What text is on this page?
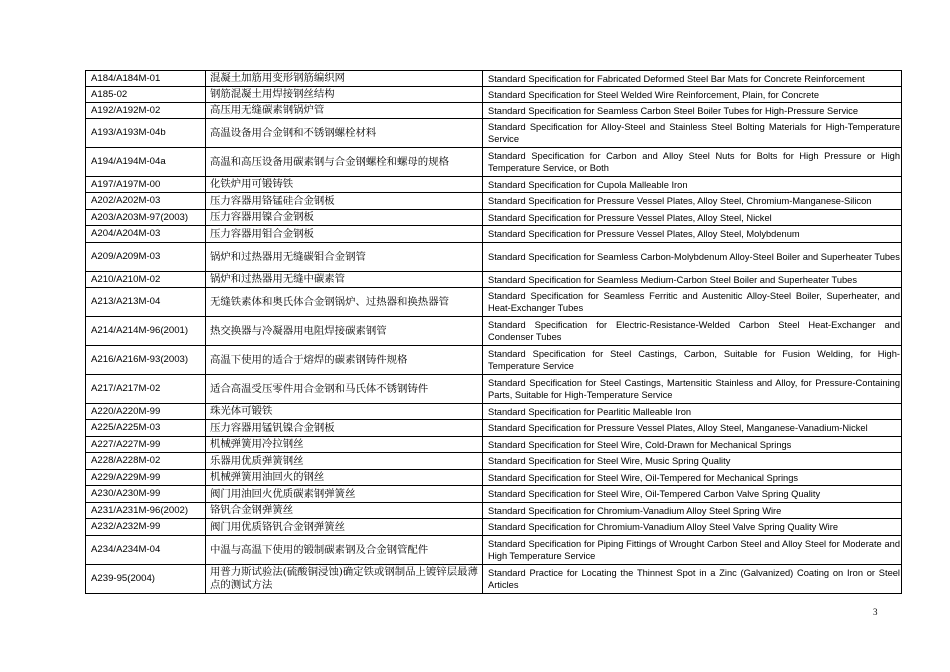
A184/A184M-01	混凝土加筋用变形钢筋编织网	Standard Specification for Fabricated Deformed Steel Bar Mats for Concrete Reinforcement
A185-02	钢筋混凝土用焊接钢丝结构	Standard Specification for Steel Welded Wire Reinforcement, Plain, for Concrete
A192/A192M-02	高压用无缝碳素钢锅炉管	Standard Specification for Seamless Carbon Steel Boiler Tubes for High-Pressure Service
A193/A193M-04b	高温设备用合金钢和不锈钢螺栓材料	Standard Specification for Alloy-Steel and Stainless Steel Bolting Materials for High-Temperature Service
A194/A194M-04a	高温和高压设备用碳素钢与合金钢螺栓和螺母的规格	Standard Specification for Carbon and Alloy Steel Nuts for Bolts for High Pressure or High Temperature Service, or Both
A197/A197M-00	化铁炉用可锻铸铁	Standard Specification for Cupola Malleable Iron
A202/A202M-03	压力容器用铬锰硅合金钢板	Standard Specification for Pressure Vessel Plates, Alloy Steel, Chromium-Manganese-Silicon
A203/A203M-97(2003)	压力容器用镍合金钢板	Standard Specification for Pressure Vessel Plates, Alloy Steel, Nickel
A204/A204M-03	压力容器用钼合金钢板	Standard Specification for Pressure Vessel Plates, Alloy Steel, Molybdenum
A209/A209M-03	锅炉和过热器用无缝碳钼合金钢管	Standard Specification for Seamless Carbon-Molybdenum Alloy-Steel Boiler and Superheater Tubes
A210/A210M-02	锅炉和过热器用无缝中碳素管	Standard Specification for Seamless Medium-Carbon Steel Boiler and Superheater Tubes
A213/A213M-04	无缝铁素体和奥氏体合金钢锅炉、过热器和换热器管	Standard Specification for Seamless Ferritic and Austenitic Alloy-Steel Boiler, Superheater, and Heat-Exchanger Tubes
A214/A214M-96(2001)	热交换器与冷凝器用电阻焊接碳素钢管	Standard Specification for Electric-Resistance-Welded Carbon Steel Heat-Exchanger and Condenser Tubes
A216/A216M-93(2003)	高温下使用的适合于熔焊的碳素钢铸件规格	Standard Specification for Steel Castings, Carbon, Suitable for Fusion Welding, for High-Temperature Service
A217/A217M-02	适合高温受压零件用合金钢和马氏体不锈钢铸件	Standard Specification for Steel Castings, Martensitic Stainless and Alloy, for Pressure-Containing Parts, Suitable for High-Temperature Service
A220/A220M-99	珠光体可锻铁	Standard Specification for Pearlitic Malleable Iron
A225/A225M-03	压力容器用锰钒镍合金钢板	Standard Specification for Pressure Vessel Plates, Alloy Steel, Manganese-Vanadium-Nickel
A227/A227M-99	机械弹簧用冷拉钢丝	Standard Specification for Steel Wire, Cold-Drawn for Mechanical Springs
A228/A228M-02	乐器用优质弹簧钢丝	Standard Specification for Steel Wire, Music Spring Quality
A229/A229M-99	机械弹簧用油回火的钢丝	Standard Specification for Steel Wire, Oil-Tempered for Mechanical Springs
A230/A230M-99	阀门用油回火优质碳素钢弹簧丝	Standard Specification for Steel Wire, Oil-Tempered Carbon Valve Spring Quality
A231/A231M-96(2002)	铬钒合金钢弹簧丝	Standard Specification for Chromium-Vanadium Alloy Steel Spring Wire
A232/A232M-99	阀门用优质铬钒合金钢弹簧丝	Standard Specification for Chromium-Vanadium Alloy Steel Valve Spring Quality Wire
A234/A234M-04	中温与高温下使用的锻制碳素钢及合金钢管配件	Standard Specification for Piping Fittings of Wrought Carbon Steel and Alloy Steel for Moderate and High Temperature Service
A239-95(2004)	用普力斯试验法(硫酸铜浸蚀)确定铁或钢制品上镀锌层最薄点的测试方法	Standard Practice for Locating the Thinnest Spot in a Zinc (Galvanized) Coating on Iron or Steel Articles
3
